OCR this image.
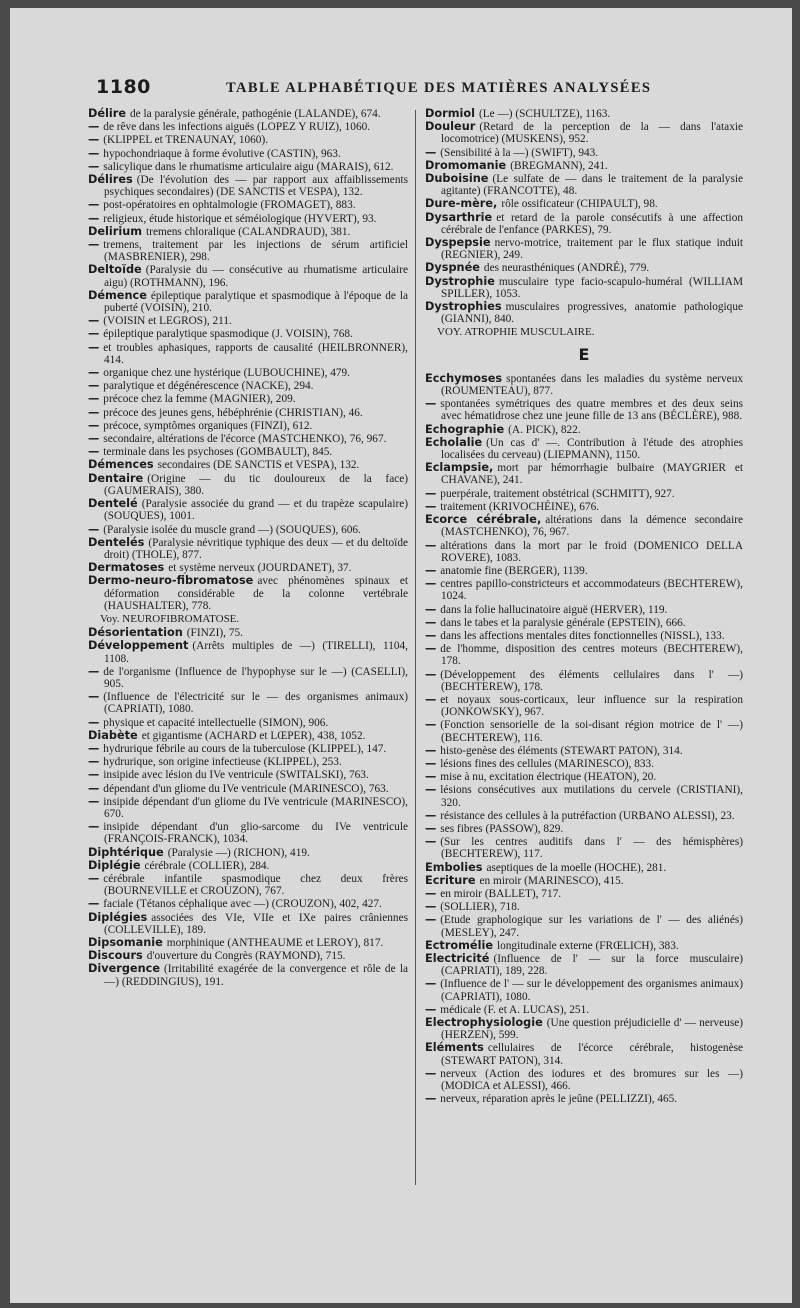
1180	TABLE ALPHABÉTIQUE DES MATIÈRES ANALYSÉES
Délire de la paralysie générale, pathogénie (LALANDE), 674.
— de rêve dans les infections aiguës (LOPEZ Y RUIZ), 1060.
— (KLIPPEL et TRENAUNAY, 1060).
— hypochondriaque à forme évolutive (CASTIN), 963.
— salicylique dans le rhumatisme articulaire aigu (MARAIS), 612.
Délires (De l'évolution des — par rapport aux affaiblissements psychiques secondaires) (DE SANCTIS et VESPA), 132.
— post-opératoires en ophtalmologie (FROMAGET), 883.
— religieux, étude historique et séméiologique (HYVERT), 93.
Delirium tremens chloralique (CALANDRAUD), 381.
— tremens, traitement par les injections de sérum artificiel (MASBRENIER), 298.
Deltoïde (Paralysie du — consécutive au rhumatisme articulaire aigu) (ROTHMANN), 196.
Démence épileptique paralytique et spasmodique à l'époque de la puberté (VOISIN), 210.
— (VOISIN et LEGROS), 211.
— épileptique paralytique spasmodique (J. VOISIN), 768.
— et troubles aphasiques, rapports de causalité (HEILBRONNER), 414.
— organique chez une hystérique (LUBOUCHINE), 479.
— paralytique et dégénérescence (NACKE), 294.
— précoce chez la femme (MAGNIER), 209.
— précoce des jeunes gens, hébéphrénie (CHRISTIAN), 46.
— précoce, symptômes organiques (FINZI), 612.
— secondaire, altérations de l'écorce (MASTCHENKO), 76, 967.
— terminale dans les psychoses (GOMBAULT), 845.
Démences secondaires (DE SANCTIS et VESPA), 132.
Dentaire (Origine — du tic douloureux de la face) (GAUMERAIS), 380.
Dentelé (Paralysie associée du grand — et du trapèze scapulaire) (SOUQUES), 1001.
— (Paralysie isolée du muscle grand —) (SOUQUES), 606.
Dentelés (Paralysie névritique typhique des deux — et du deltoïde droit) (THOLE), 877.
Dermatoses et système nerveux (JOURDANET), 37.
Dermo-neuro-fibromatose avec phénomènes spinaux et déformation considérable de la colonne vertébrale (HAUSHALTER), 778.
Voy. NEUROFIBROMATOSE.
Désorientation (FINZI), 75.
Développement (Arrêts multiples de —) (TIRELLI), 1104, 1108.
— de l'organisme (Influence de l'hypophyse sur le —) (CASELLI), 905.
— (Influence de l'électricité sur le — des organismes animaux) (CAPRIATI), 1080.
— physique et capacité intellectuelle (SIMON), 906.
Diabète et gigantisme (ACHARD et LŒPER), 438, 1052.
— hydrurique fébrile au cours de la tuberculose (KLIPPEL), 147.
— hydrurique, son origine infectieuse (KLIPPEL), 253.
— insipide avec lésion du IVe ventricule (SWITALSKI), 763.
— dépendant d'un gliome du IVe ventricule (MARINESCO), 763.
— insipide dépendant d'un gliome du IVe ventricule (MARINESCO), 670.
— insipide dépendant d'un glio-sarcome du IVe ventricule (FRANÇOIS-FRANCK), 1034.
Diphtérique (Paralysie —) (RICHON), 419.
Diplégie cérébrale (COLLIER), 284.
— cérébrale infantile spasmodique chez deux frères (BOURNEVILLE et CROUZON), 767.
— faciale (Tétanos céphalique avec —) (CROUZON), 402, 427.
Diplégies associées des VIe, VIIe et IXe paires crâniennes (COLLEVILLE), 189.
Dipsomanie morphinique (ANTHEAUME et LEROY), 817.
Discours d'ouverture du Congrès (RAYMOND), 715.
Divergence (Irritabilité exagérée de la convergence et rôle de la —) (REDDINGIUS), 191.
Dormiol (Le —) (SCHULTZE), 1163.
Douleur (Retard de la perception de la — dans l'ataxie locomotrice) (MUSKENS), 952.
— (Sensibilité à la —) (SWIFT), 943.
Dromomanie (BREGMANN), 241.
Duboisine (Le sulfate de — dans le traitement de la paralysie agitante) (FRANCOTTE), 48.
Dure-mère, rôle ossificateur (CHIPAULT), 98.
Dysarthrie et retard de la parole consécutifs à une affection cérébrale de l'enfance (PARKES), 79.
Dyspepsie nervo-motrice, traitement par le flux statique induit (REGNIER), 249.
Dyspnée des neurasthéniques (ANDRÉ), 779.
Dystrophie musculaire type facio-scapulo-huméral (WILLIAM SPILLER), 1053.
Dystrophies musculaires progressives, anatomie pathologique (GIANNI), 840.
VOY. ATROPHIE MUSCULAIRE.
E
Ecchymoses spontanées dans les maladies du système nerveux (ROUMENTEAU), 877.
— spontanées symétriques des quatre membres et des deux seins avec hématidrose chez une jeune fille de 13 ans (BÉCLÈRE), 988.
Echographie (A. PICK), 822.
Echolalie (Un cas d' —. Contribution à l'étude des atrophies localisées du cerveau) (LIEPMANN), 1150.
Eclampsie, mort par hémorrhagie bulbaire (MAYGRIER et CHAVANE), 241.
— puerpérale, traitement obstétrical (SCHMITT), 927.
— traitement (KRIVOCHÉINE), 676.
Ecorce cérébrale, altérations dans la démence secondaire (MASTCHENKO), 76, 967.
— altérations dans la mort par le froid (DOMENICO DELLA ROVERE), 1083.
— anatomie fine (BERGER), 1139.
— centres papillo-constricteurs et accommodateurs (BECHTEREW), 1024.
— dans la folie hallucinatoire aiguë (HERVER), 119.
— dans le tabes et la paralysie générale (EPSTEIN), 666.
— dans les affections mentales dites fonctionnelles (NISSL), 133.
— de l'homme, disposition des centres moteurs (BECHTEREW), 178.
— (Développement des éléments cellulaires dans l' —) (BECHTEREW), 178.
— et noyaux sous-corticaux, leur influence sur la respiration (JONKOWSKY), 967.
— (Fonction sensorielle de la soi-disant région motrice de l' —) (BECHTEREW), 116.
— histo-genèse des éléments (STEWART PATON), 314.
— lésions fines des cellules (MARINESCO), 833.
— mise à nu, excitation électrique (HEATON), 20.
— lésions consécutives aux mutilations du cervele (CRISTIANI), 320.
— résistance des cellules à la putréfaction (URBANO ALESSI), 23.
— ses fibres (PASSOW), 829.
— (Sur les centres auditifs dans l' — des hémisphères) (BECHTEREW), 117.
Embolies aseptiques de la moelle (HOCHE), 281.
Ecriture en miroir (MARINESCO), 415.
— en miroir (BALLET), 717.
— (SOLLIER), 718.
— (Etude graphologique sur les variations de l' — des aliénés) (MESLEY), 247.
Ectromélie longitudinale externe (FRŒLICH), 383.
Electricité (Influence de l' — sur la force musculaire) (CAPRIATI), 189, 228.
— (Influence de l' — sur le développement des organismes animaux) (CAPRIATI), 1080.
— médicale (F. et A. LUCAS), 251.
Electrophysiologie (Une question préjudicielle d' — nerveuse) (HERZEN), 599.
Eléments cellulaires de l'écorce cérébrale, histogenèse (STEWART PATON), 314.
— nerveux (Action des iodures et des bromures sur les —) (MODICA et ALESSI), 466.
— nerveux, réparation après le jeûne (PELLIZZI), 465.
